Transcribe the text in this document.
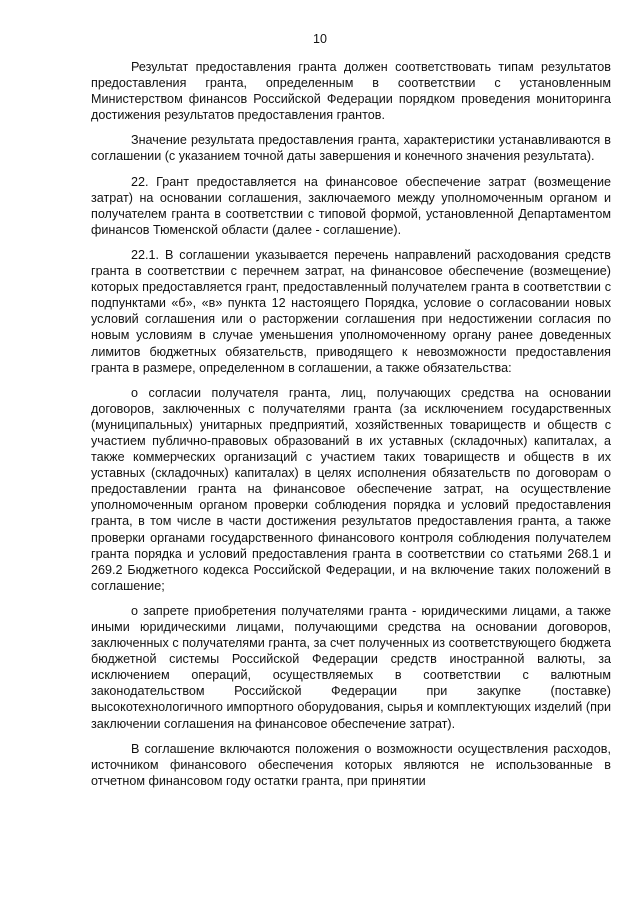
10

Результат предоставления гранта должен соответствовать типам результатов предоставления гранта, определенным в соответствии с установленным Министерством финансов Российской Федерации порядком проведения мониторинга достижения результатов предоставления грантов.

Значение результата предоставления гранта, характеристики устанавливаются в соглашении (с указанием точной даты завершения и конечного значения результата).

22. Грант предоставляется на финансовое обеспечение затрат (возмещение затрат) на основании соглашения, заключаемого между уполномоченным органом и получателем гранта в соответствии с типовой формой, установленной Департаментом финансов Тюменской области (далее - соглашение).

22.1. В соглашении указывается перечень направлений расходования средств гранта в соответствии с перечнем затрат, на финансовое обеспечение (возмещение) которых предоставляется грант, предоставленный получателем гранта в соответствии с подпунктами «б», «в» пункта 12 настоящего Порядка, условие о согласовании новых условий соглашения или о расторжении соглашения при недостижении согласия по новым условиям в случае уменьшения уполномоченному органу ранее доведенных лимитов бюджетных обязательств, приводящего к невозможности предоставления гранта в размере, определенном в соглашении, а также обязательства:

о согласии получателя гранта, лиц, получающих средства на основании договоров, заключенных с получателями гранта (за исключением государственных (муниципальных) унитарных предприятий, хозяйственных товариществ и обществ с участием публично-правовых образований в их уставных (складочных) капиталах, а также коммерческих организаций с участием таких товариществ и обществ в их уставных (складочных) капиталах) в целях исполнения обязательств по договорам о предоставлении гранта на финансовое обеспечение затрат, на осуществление уполномоченным органом проверки соблюдения порядка и условий предоставления гранта, в том числе в части достижения результатов предоставления гранта, а также проверки органами государственного финансового контроля соблюдения получателем гранта порядка и условий предоставления гранта в соответствии со статьями 268.1 и 269.2 Бюджетного кодекса Российской Федерации, и на включение таких положений в соглашение;

о запрете приобретения получателями гранта - юридическими лицами, а также иными юридическими лицами, получающими средства на основании договоров, заключенных с получателями гранта, за счет полученных из соответствующего бюджета бюджетной системы Российской Федерации средств иностранной валюты, за исключением операций, осуществляемых в соответствии с валютным законодательством Российской Федерации при закупке (поставке) высокотехнологичного импортного оборудования, сырья и комплектующих изделий (при заключении соглашения на финансовое обеспечение затрат).

В соглашение включаются положения о возможности осуществления расходов, источником финансового обеспечения которых являются не использованные в отчетном финансовом году остатки гранта, при принятии
